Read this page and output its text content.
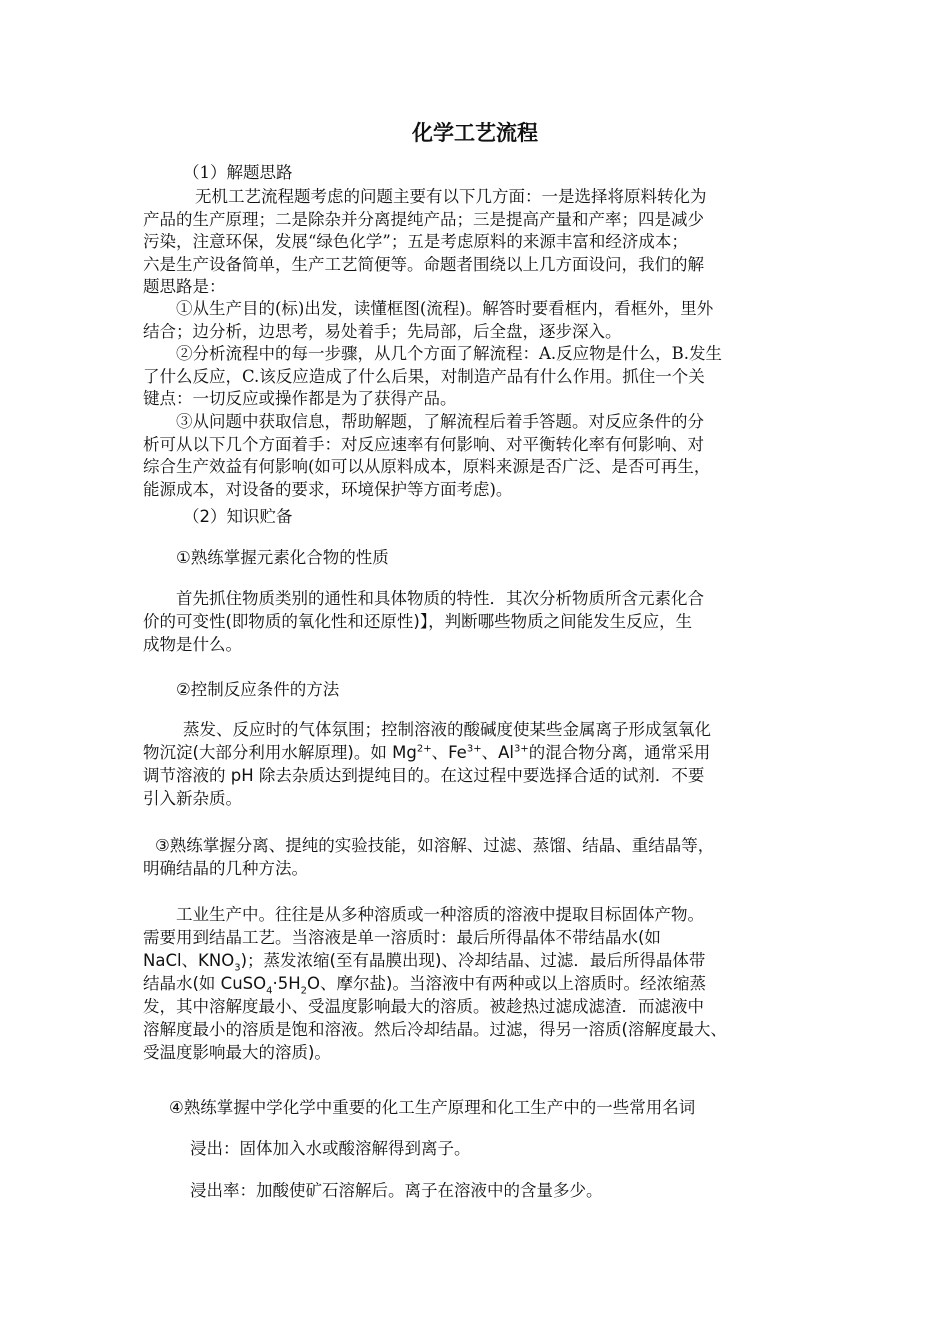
化学工艺流程

（1）解题思路

无机工艺流程题考虑的问题主要有以下几方面：一是选择将原料转化为

产品的生产原理；二是除杂并分离提纯产品；三是提高产量和产率；四是减少

污染，注意环保，发展“绿色化学”；五是考虑原料的来源丰富和经济成本；

六是生产设备简单，生产工艺简便等。命题者围绕以上几方面设问，我们的解

题思路是：

①从生产目的(标)出发，读懂框图(流程)。解答时要看框内，看框外，里外

结合；边分析，边思考，易处着手；先局部，后全盘，逐步深入。

②分析流程中的每一步骤，从几个方面了解流程：A.反应物是什么，B.发生

了什么反应，C.该反应造成了什么后果，对制造产品有什么作用。抓住一个关

键点：一切反应或操作都是为了获得产品。

③从问题中获取信息，帮助解题，了解流程后着手答题。对反应条件的分

析可从以下几个方面着手：对反应速率有何影响、对平衡转化率有何影响、对

综合生产效益有何影响(如可以从原料成本，原料来源是否广泛、是否可再生，

能源成本，对设备的要求，环境保护等方面考虑)。

（2）知识贮备

①熟练掌握元素化合物的性质

首先抓住物质类别的通性和具体物质的特性．其次分析物质所含元素化合

价的可变性(即物质的氧化性和还原性)】，判断哪些物质之间能发生反应，生

成物是什么。

②控制反应条件的方法

蒸发、反应时的气体氛围；控制溶液的酸碱度使某些金属离子形成氢氧化

物沉淀(大部分利用水解原理)。如 $Mg^{2+}$、$Fe^{3+}$、$Al^{3+}$的混合物分离，通常采用

调节溶液的 pH 除去杂质达到提纯目的。在这过程中要选择合适的试剂．不要

引入新杂质。

③熟练掌握分离、提纯的实验技能，如溶解、过滤、蒸馏、结晶、重结晶等，

明确结晶的几种方法。

工业生产中。往往是从多种溶质或一种溶质的溶液中提取目标固体产物。

需要用到结晶工艺。当溶液是单一溶质时：最后所得晶体不带结晶水(如

NaCl、$KNO_3$)；蒸发浓缩(至有晶膜出现)、冷却结晶、过滤．最后所得晶体带

结晶水(如 $CuSO_4\cdot 5H_2O$、摩尔盐)。当溶液中有两种或以上溶质时。经浓缩蒸

发，其中溶解度最小、受温度影响最大的溶质。被趁热过滤成滤渣．而滤液中

溶解度最小的溶质是饱和溶液。然后冷却结晶。过滤，得另一溶质(溶解度最大、

受温度影响最大的溶质)。

④熟练掌握中学化学中重要的化工生产原理和化工生产中的一些常用名词

浸出：固体加入水或酸溶解得到离子。

浸出率：加酸使矿石溶解后。离子在溶液中的含量多少。
